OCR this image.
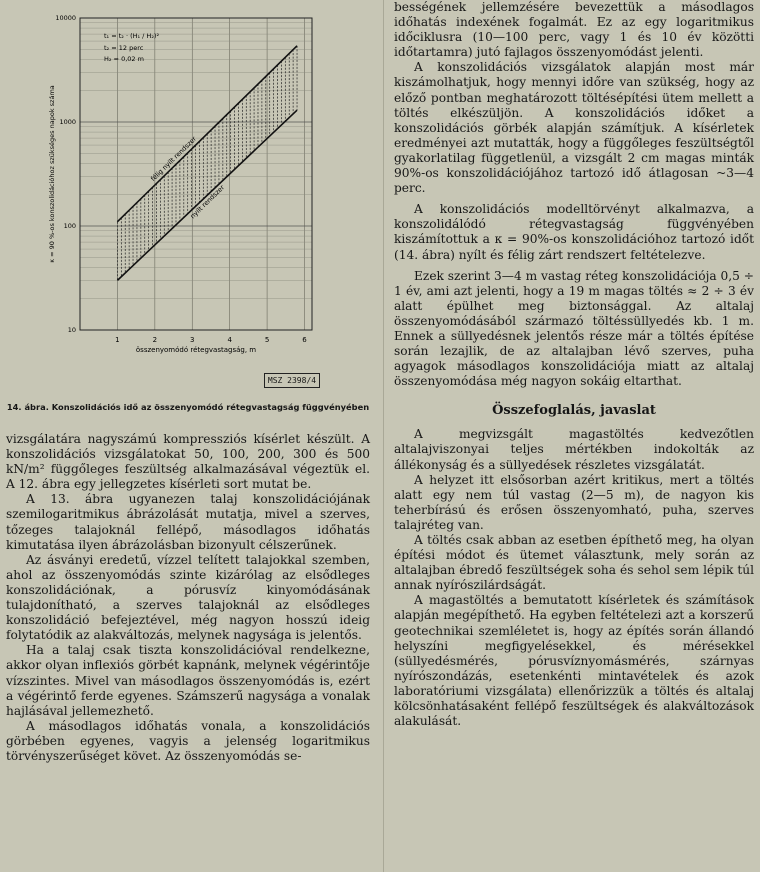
1	2	3	4	5	6
10
100
1000
10000
összenyomódó rétegvastagság, m
κ = 90 %-os konszolidációhoz szükséges napok száma
t₁ = t₂ · (H₁ / H₂)²
t₂ = 12 perc
H₂ = 0,02 m
félig nyílt rendszer
nyílt rendszer
MSZ 2398/4
14. ábra. Konszolidációs idő az összenyomódó rétegvastagság függvényében

vizsgálatára nagyszámú kompressziós kísérlet készült. A konszolidációs vizsgálatokat 50, 100, 200, 300 és 500 kN/m² függőleges feszültség alkalmazásával végeztük el. A 12. ábra egy jellegzetes kísérleti sort mutat be.

A 13. ábra ugyanezen talaj konszolidációjának szemilogaritmikus ábrázolását mutatja, mivel a szerves, tőzeges talajoknál fellépő, másodlagos időhatás kimutatása ilyen ábrázolásban bizonyult célszerűnek.

Az ásványi eredetű, vízzel telített talajokkal szemben, ahol az összenyomódás szinte kizárólag az elsődleges konszolidációnak, a pórusvíz kinyomódásának tulajdonítható, a szerves talajoknál az elsődleges konszolidáció befejeztével, még nagyon hosszú ideig folytatódik az alakváltozás, melynek nagysága is jelentős.

Ha a talaj csak tiszta konszolidációval rendelkezne, akkor olyan inflexiós görbét kapnánk, melynek végérintője vízszintes. Mivel van másodlagos összenyomódás is, ezért a végérintő ferde egyenes. Számszerű nagysága a vonalak hajlásával jellemezhető.

A másodlagos időhatás vonala, a konszolidációs görbében egyenes, vagyis a jelenség logaritmikus törvényszerűséget követ. Az összenyomódás se-

bességének jellemzésére bevezettük a másodlagos időhatás indexének fogalmát. Ez az egy logaritmikus időciklusra (10—100 perc, vagy 1 és 10 év közötti időtartamra) jutó fajlagos összenyomódást jelenti.

A konszolidációs vizsgálatok alapján most már kiszámolhatjuk, hogy mennyi időre van szükség, hogy az előző pontban meghatározott töltésépítési ütem mellett a töltés elkészüljön. A konszolidációs időket a konszolidációs görbék alapján számítjuk. A kísérletek eredményei azt mutatták, hogy a függőleges feszültségtől gyakorlatilag függetlenül, a vizsgált 2 cm magas minták 90%-os konszolidációjához tartozó idő átlagosan ~3—4 perc.

A konszolidációs modelltörvényt alkalmazva, a konszolidálódó rétegvastagság függvényében kiszámítottuk a κ = 90%-os konszolidációhoz tartozó időt (14. ábra) nyílt és félig zárt rendszert feltételezve.

Ezek szerint 3—4 m vastag réteg konszolidációja 0,5 ÷ 1 év, ami azt jelenti, hogy a 19 m magas töltés ≈ 2 ÷ 3 év alatt épülhet meg biztonsággal. Az altalaj összenyomódásából származó töltéssüllyedés kb. 1 m. Ennek a süllyedésnek jelentős része már a töltés építése során lezajlik, de az altalajban lévő szerves, puha agyagok másodlagos konszolidációja miatt az altalaj összenyomódása még nagyon sokáig eltarthat.

Összefoglalás, javaslat

A megvizsgált magastöltés kedvezőtlen altalajviszonyai teljes mértékben indokolták az állékonyság és a süllyedések részletes vizsgálatát.

A helyzet itt elsősorban azért kritikus, mert a töltés alatt egy nem túl vastag (2—5 m), de nagyon kis teherbírású és erősen összenyomható, puha, szerves talajréteg van.

A töltés csak abban az esetben építhető meg, ha olyan építési módot és ütemet választunk, mely során az altalajban ébredő feszültségek soha és sehol sem lépik túl annak nyírószilárdságát.

A magastöltés a bemutatott kísérletek és számítások alapján megépíthető. Ha egyben feltételezi azt a korszerű geotechnikai szemléletet is, hogy az építés során állandó helyszíni megfigyelésekkel, és mérésekkel (süllyedésmérés, pórusvíznyomásmérés, szárnyas nyírószondázás, esetenkénti mintavételek és azok laboratóriumi vizsgálata) ellenőrizzük a töltés és altalaj kölcsönhatásaként fellépő feszültségek és alakváltozások alakulását.
